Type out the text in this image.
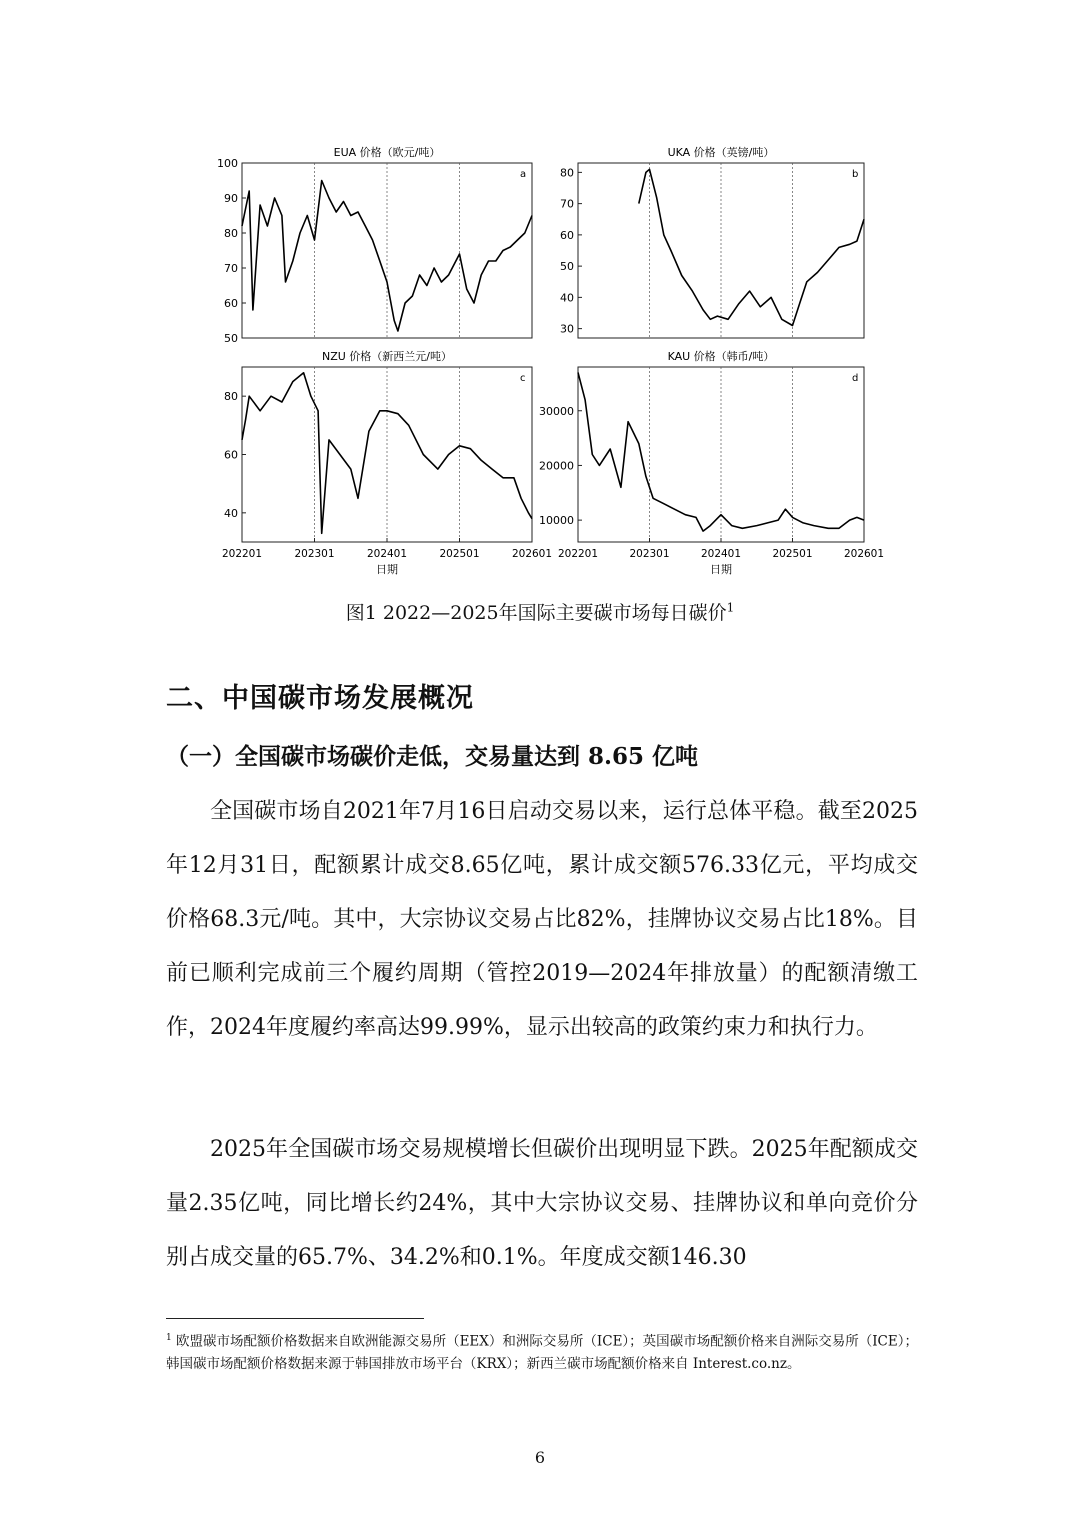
EUA 价格（欧元/吨）
a
50
60
70
80
90
100
UKA 价格（英镑/吨）
b
30
40
50
60
70
80
NZU 价格（新西兰元/吨）
c
40
60
80
202201	202301	202401	202501	202601
日期
KAU 价格（韩币/吨）
d
10000
20000
30000
202201	202301	202401	202501	202601
日期
图1 2022—2025年国际主要碳市场每日碳价$^1$
二、中国碳市场发展概况
（一）全国碳市场碳价走低，交易量达到 8.65 亿吨
全国碳市场自2021年7月16日启动交易以来，运行总体平稳。截至2025年12月31日，配额累计成交8.65亿吨，累计成交额576.33亿元，平均成交价格68.3元/吨。其中，大宗协议交易占比82%，挂牌协议交易占比18%。目前已顺利完成前三个履约周期（管控2019—2024年排放量）的配额清缴工作，2024年度履约率高达99.99%，显示出较高的政策约束力和执行力。
2025年全国碳市场交易规模增长但碳价出现明显下跌。2025年配额成交量2.35亿吨，同比增长约24%，其中大宗协议交易、挂牌协议和单向竞价分别占成交量的65.7%、34.2%和0.1%。年度成交额146.30
$^1$ 欧盟碳市场配额价格数据来自欧洲能源交易所（EEX）和洲际交易所（ICE）；英国碳市场配额价格来自洲际交易所（ICE）；韩国碳市场配额价格数据来源于韩国排放市场平台（KRX）；新西兰碳市场配额价格来自 Interest.co.nz。
6
